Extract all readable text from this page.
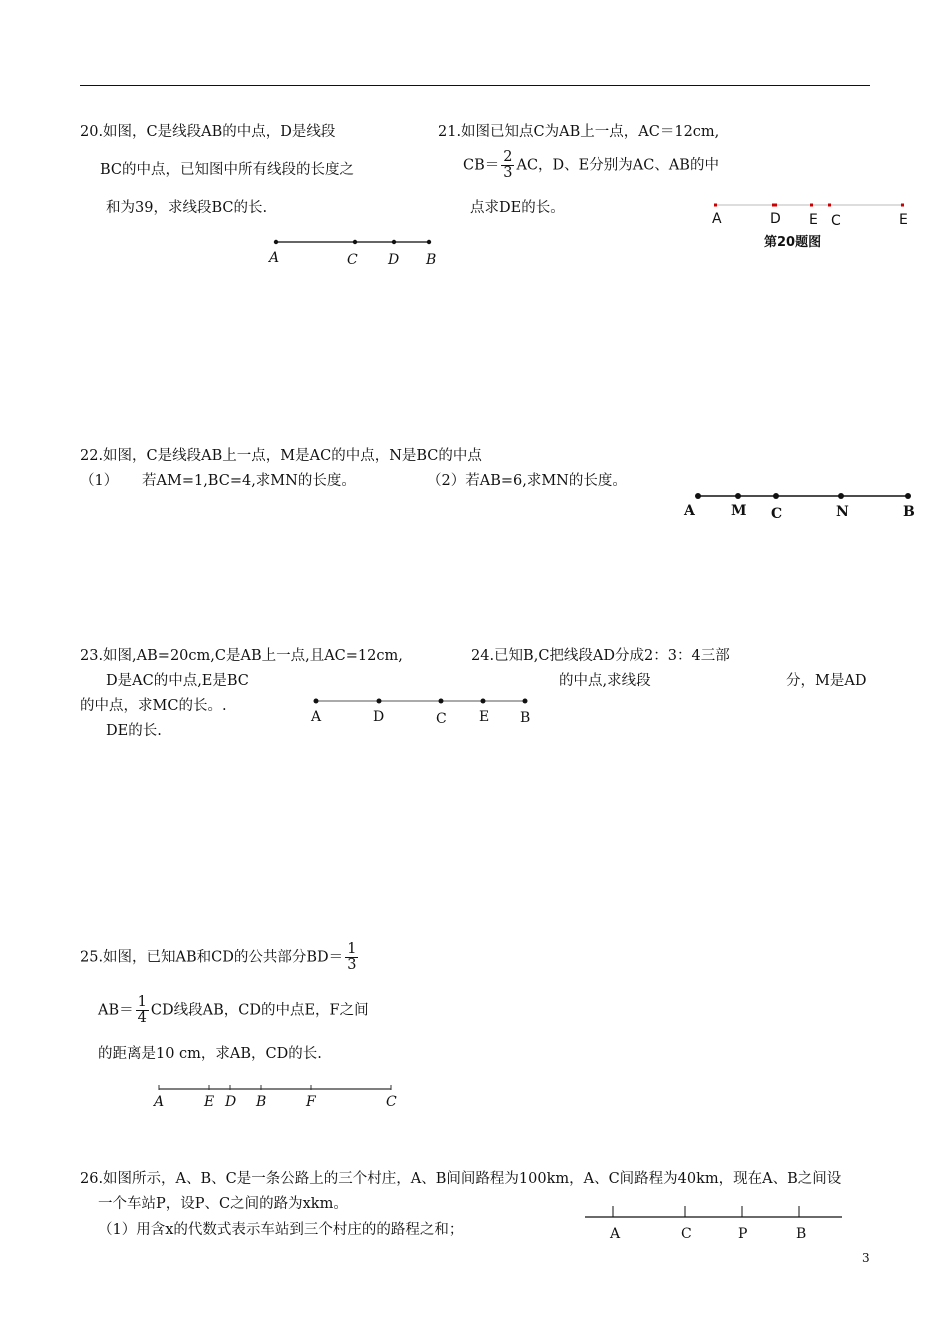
20.如图，C是线段AB的中点，D是线段
BC的中点，已知图中所有线段的长度之
和为39，求线段BC的长.
A	C D B
21.如图已知点C为AB上一点，AC＝12cm,
$CB= \frac{2}{3}$ AC，D、E分别为AC、AB的中
点求DE的长。
A	D E C	E
第20题图
22.如图，C是线段AB上一点，M是AC的中点，N是BC的中点
（1） 若AM=1,BC=4,求MN的长度。	（2）若AB=6,求MN的长度。
A	M C	N	B
23.如图,AB=20cm,C是AB上一点,且AC=12cm,
D是AC的中点,E是BC
的中点，求MC的长。.
DE的长.
A	D	C E B
24.已知B,C把线段AD分成2：3：4三部
的中点,求线段	分，M是AD
25.如图，已知AB和CD的公共部分$BD= \frac{1}{3}$
$AB= \frac{1}{4}$ CD线段AB，CD的中点E，F之间
的距离是10 cm，求AB，CD的长.
A	E D B	F	C
26.如图所示，A、B、C是一条公路上的三个村庄，A、B间间路程为100km，A、C间路程为40km，现在A、B之间设
一个车站P，设P、C之间的路为xkm。
（1）用含x的代数式表示车站到三个村庄的的路程之和；	A	C	P	B
3
